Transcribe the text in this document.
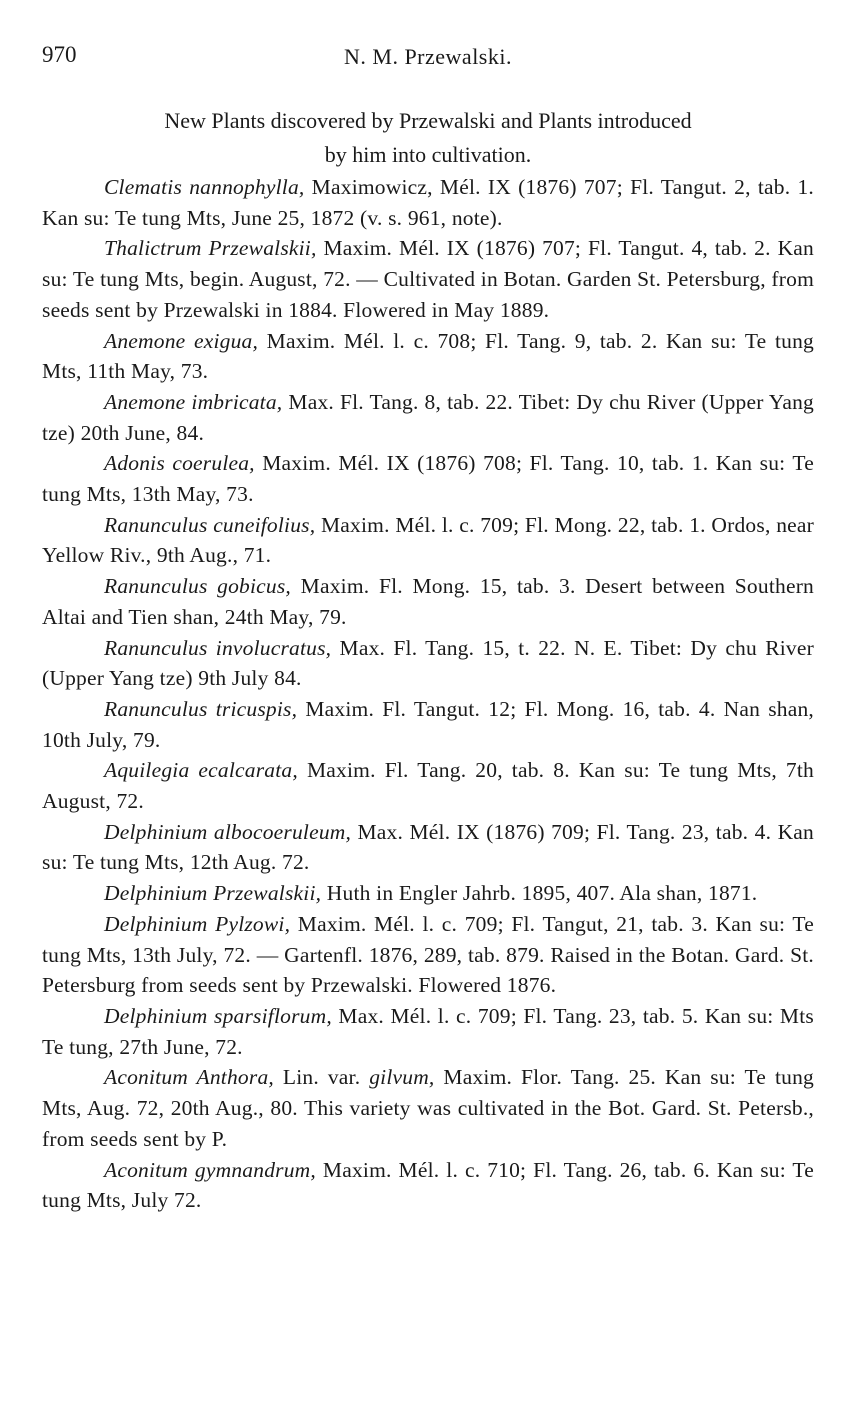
970	N. M. Przewalski.
New Plants discovered by Przewalski and Plants introduced
by him into cultivation.

Clematis nannophylla, Maximowicz, Mél. IX (1876) 707; Fl. Tangut. 2, tab. 1. Kan su: Te tung Mts, June 25, 1872 (v. s. 961, note).

Thalictrum Przewalskii, Maxim. Mél. IX (1876) 707; Fl. Tangut. 4, tab. 2. Kan su: Te tung Mts, begin. August, 72. — Cultivated in Botan. Garden St. Petersburg, from seeds sent by Przewalski in 1884. Flowered in May 1889.

Anemone exigua, Maxim. Mél. l. c. 708; Fl. Tang. 9, tab. 2. Kan su: Te tung Mts, 11th May, 73.

Anemone imbricata, Max. Fl. Tang. 8, tab. 22. Tibet: Dy chu River (Upper Yang tze) 20th June, 84.

Adonis coerulea, Maxim. Mél. IX (1876) 708; Fl. Tang. 10, tab. 1. Kan su: Te tung Mts, 13th May, 73.

Ranunculus cuneifolius, Maxim. Mél. l. c. 709; Fl. Mong. 22, tab. 1. Ordos, near Yellow Riv., 9th Aug., 71.

Ranunculus gobicus, Maxim. Fl. Mong. 15, tab. 3. Desert between Southern Altai and Tien shan, 24th May, 79.

Ranunculus involucratus, Max. Fl. Tang. 15, t. 22. N. E. Tibet: Dy chu River (Upper Yang tze) 9th July 84.

Ranunculus tricuspis, Maxim. Fl. Tangut. 12; Fl. Mong. 16, tab. 4. Nan shan, 10th July, 79.

Aquilegia ecalcarata, Maxim. Fl. Tang. 20, tab. 8. Kan su: Te tung Mts, 7th August, 72.

Delphinium albocoeruleum, Max. Mél. IX (1876) 709; Fl. Tang. 23, tab. 4. Kan su: Te tung Mts, 12th Aug. 72.

Delphinium Przewalskii, Huth in Engler Jahrb. 1895, 407. Ala shan, 1871.

Delphinium Pylzowi, Maxim. Mél. l. c. 709; Fl. Tangut, 21, tab. 3. Kan su: Te tung Mts, 13th July, 72. — Gartenfl. 1876, 289, tab. 879. Raised in the Botan. Gard. St. Petersburg from seeds sent by Przewalski. Flowered 1876.

Delphinium sparsiflorum, Max. Mél. l. c. 709; Fl. Tang. 23, tab. 5. Kan su: Mts Te tung, 27th June, 72.

Aconitum Anthora, Lin. var. gilvum, Maxim. Flor. Tang. 25. Kan su: Te tung Mts, Aug. 72, 20th Aug., 80. This variety was cultivated in the Bot. Gard. St. Petersb., from seeds sent by P.

Aconitum gymnandrum, Maxim. Mél. l. c. 710; Fl. Tang. 26, tab. 6. Kan su: Te tung Mts, July 72.
